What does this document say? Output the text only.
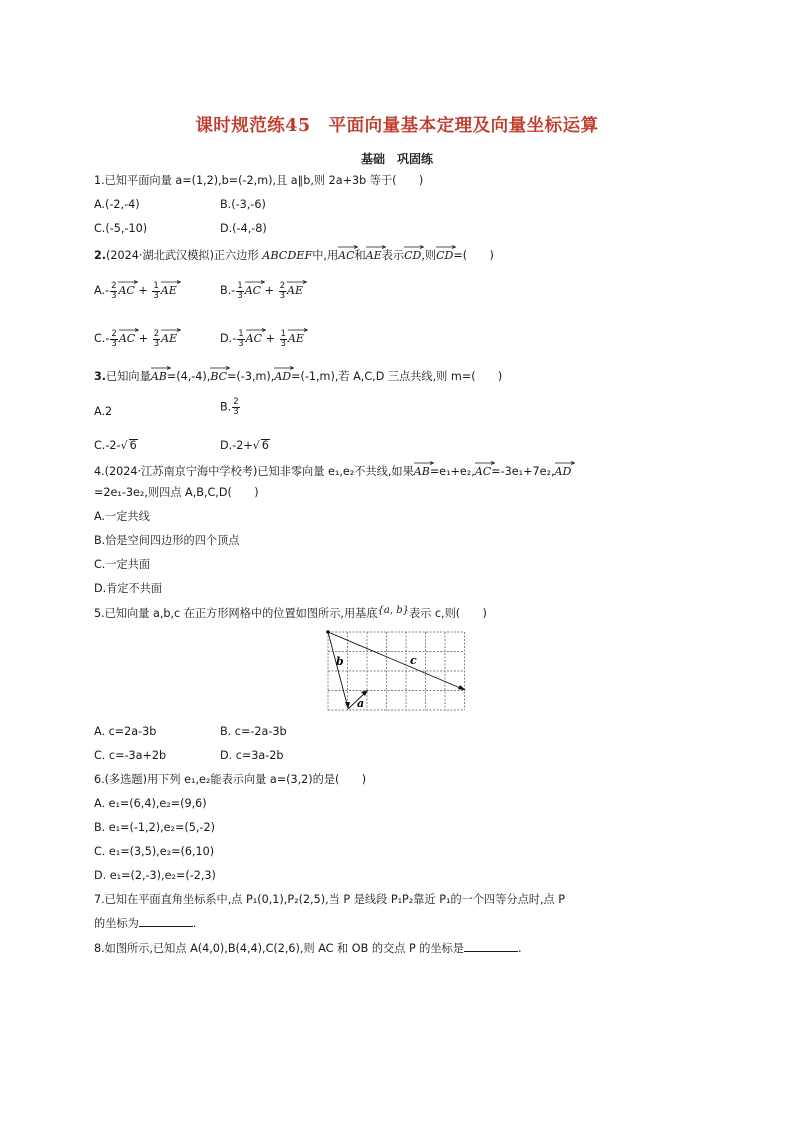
课时规范练45　平面向量基本定理及向量坐标运算
基础　巩固练
1.已知平面向量 a=(1,2),b=(-2,m),且 a∥b,则 2a+3b 等于(　　)
A.(-2,-4)	B.(-3,-6)
C.(-5,-10)	D.(-4,-8)
2.(2024·湖北武汉模拟)正六边形 ABCDEF中,用
AC和
AE表示
CD,则
CD=(　　)
$A.- \frac{2}{3}$ AC + $\frac{1}{3}$ AE	$B.- \frac{1}{3}$ AC + $\frac{2}{3}$ AE
$C.- \frac{2}{3}$ AC + $\frac{2}{3}$ AE	$D.- \frac{1}{3}$ AC + $\frac{1}{3}$ AE
3.已知向量
AB=(4,-4),
BC=(-3,m),
AD=(-1,m),若 A,C,D 三点共线,则 m=(　　)
A.2	B. $\frac{2}{3}$
C.-2-√ 6	D.-2+√ 6
4.(2024·江苏南京宁海中学校考)已知非零向量 e₁,e₂不共线,如果
AB=e₁+e₂,
AC=-3e₁+7e₂,
AD
=2e₁-3e₂,则四点 A,B,C,D(　　)
A.一定共线
B.恰是空间四边形的四个顶点
C.一定共面
D.肯定不共面
5.已知向量 a,b,c 在正方形网格中的位置如图所示,用基底{a, b}表示 c,则(　　)
b
a
c
A. c=2a-3b	B. c=-2a-3b
C. c=-3a+2b	D. c=3a-2b
6.(多选题)用下列 e₁,e₂能表示向量 a=(3,2)的是(　　)
A. e₁=(6,4),e₂=(9,6)
B. e₁=(-1,2),e₂=(5,-2)
C. e₁=(3,5),e₂=(6,10)
D. e₁=(2,-3),e₂=(-2,3)
7.已知在平面直角坐标系中,点 P₁(0,1),P₂(2,5),当 P 是线段 P₁P₂靠近 P₁的一个四等分点时,点 P
的坐标为	.
8.如图所示,已知点 A(4,0),B(4,4),C(2,6),则 AC 和 OB 的交点 P 的坐标是	.
